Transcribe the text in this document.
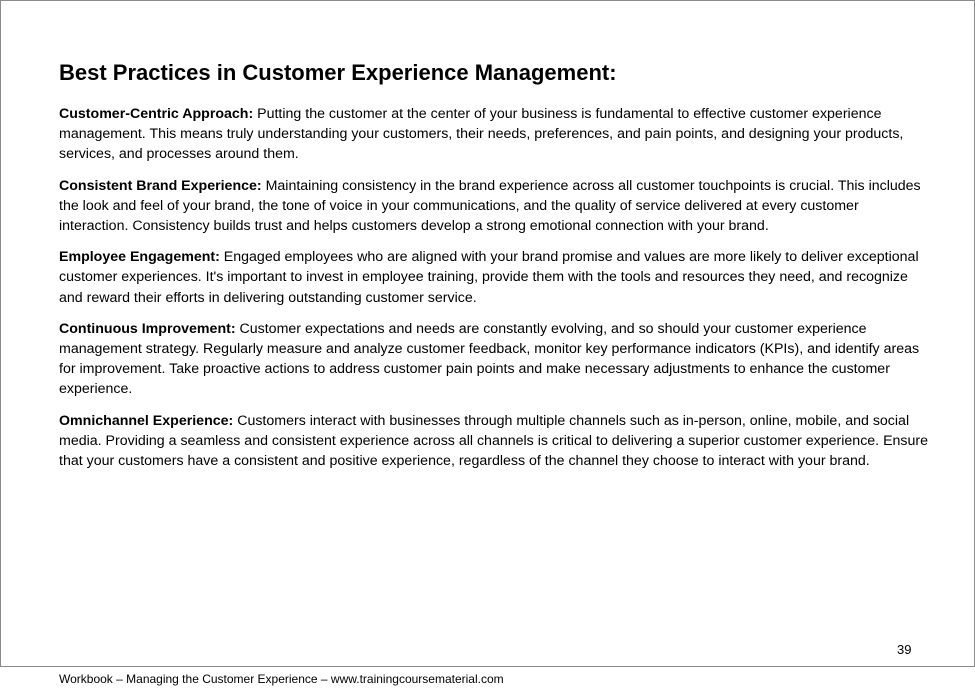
Best Practices in Customer Experience Management:

Customer-Centric Approach: Putting the customer at the center of your business is fundamental to effective customer experience management. This means truly understanding your customers, their needs, preferences, and pain points, and designing your products, services, and processes around them.

Consistent Brand Experience: Maintaining consistency in the brand experience across all customer touchpoints is crucial. This includes the look and feel of your brand, the tone of voice in your communications, and the quality of service delivered at every customer interaction. Consistency builds trust and helps customers develop a strong emotional connection with your brand.

Employee Engagement: Engaged employees who are aligned with your brand promise and values are more likely to deliver exceptional customer experiences. It's important to invest in employee training, provide them with the tools and resources they need, and recognize and reward their efforts in delivering outstanding customer service.

Continuous Improvement: Customer expectations and needs are constantly evolving, and so should your customer experience management strategy. Regularly measure and analyze customer feedback, monitor key performance indicators (KPIs), and identify areas for improvement. Take proactive actions to address customer pain points and make necessary adjustments to enhance the customer experience.

Omnichannel Experience: Customers interact with businesses through multiple channels such as in-person, online, mobile, and social media. Providing a seamless and consistent experience across all channels is critical to delivering a superior customer experience. Ensure that your customers have a consistent and positive experience, regardless of the channel they choose to interact with your brand.

39
Workbook – Managing the Customer Experience – www.trainingcoursematerial.com
